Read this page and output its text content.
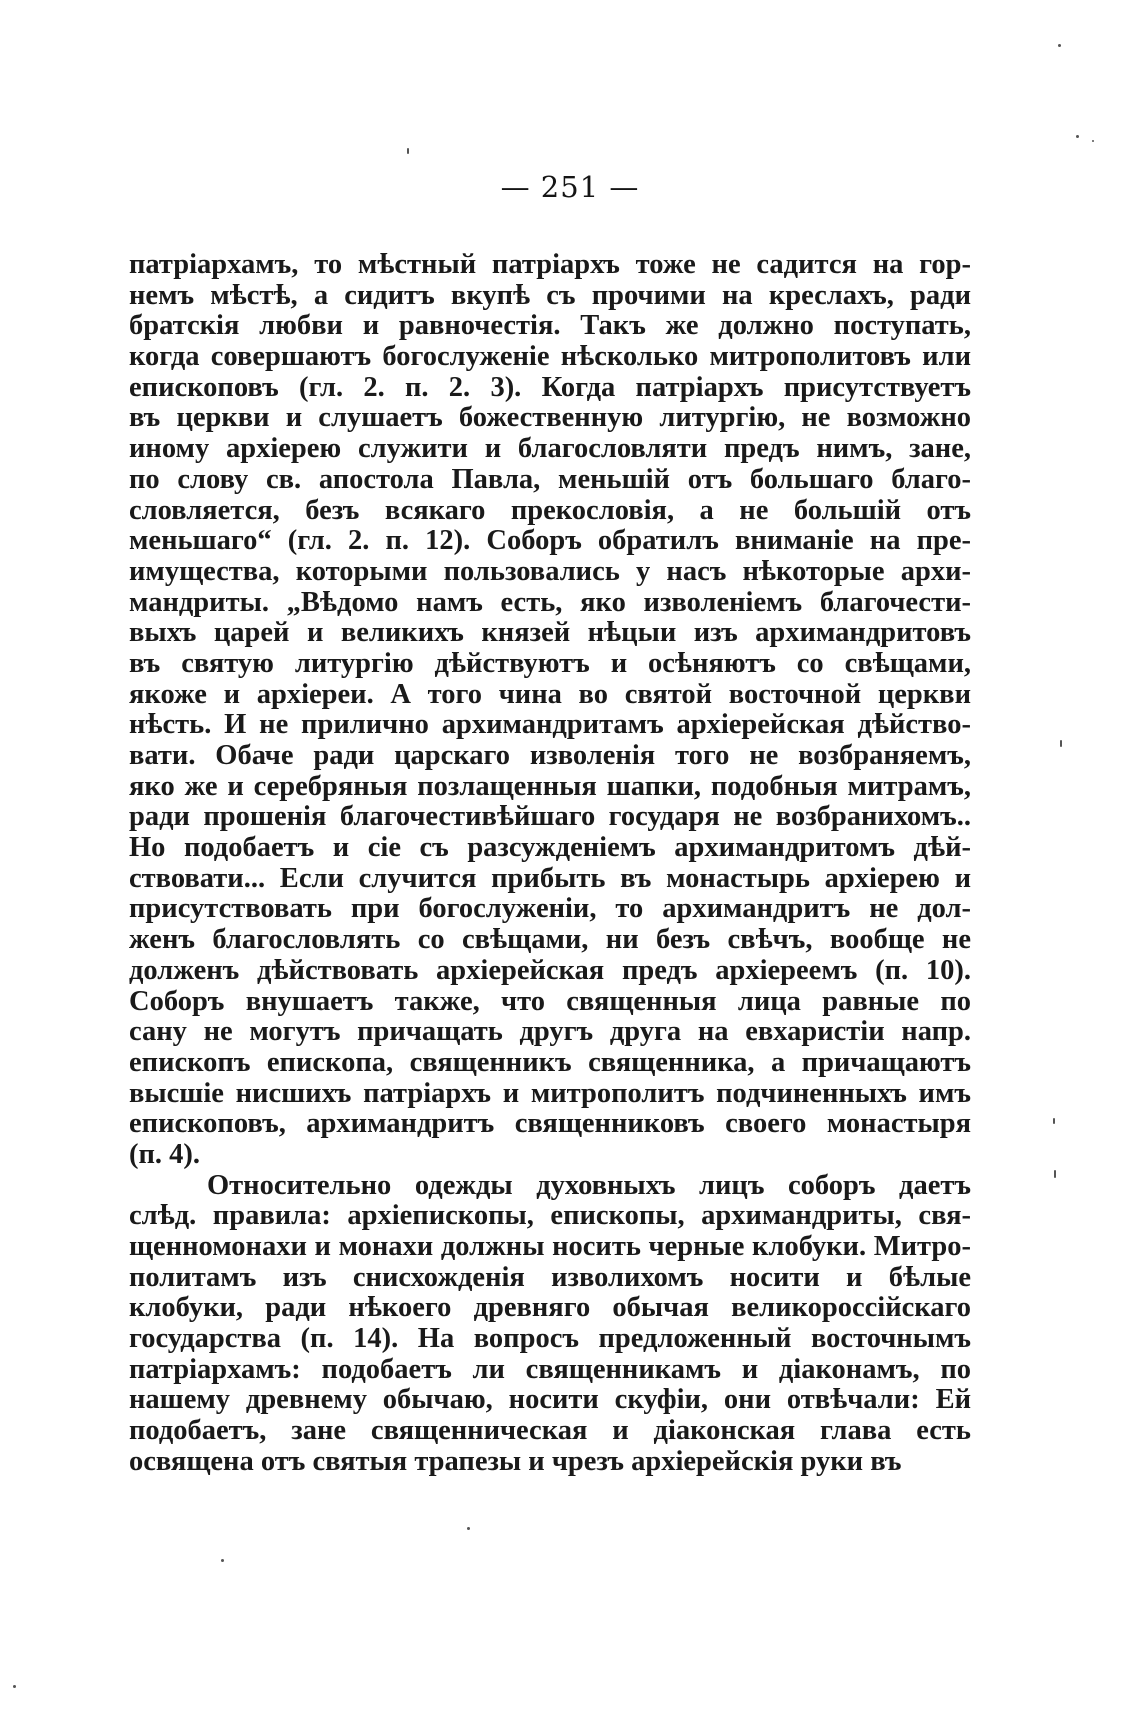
— 251 —
патріархамъ, то мѣстный патріархъ тоже не садится на гор-
немъ мѣстѣ, а сидитъ вкупѣ съ прочими на креслахъ, ради
братскія любви и равночестія. Такъ же должно поступать,
когда совершаютъ богослуженіе нѣсколько митрополитовъ или
епископовъ (гл. 2. п. 2. 3). Когда патріархъ присутствуетъ
въ церкви и слушаетъ божественную литургію, не возможно
иному архіерею служити и благословляти предъ нимъ, зане,
по слову св. апостола Павла, меньшій отъ большаго благо-
словляется, безъ всякаго прекословія, а не большій отъ
меньшаго“ (гл. 2. п. 12). Соборъ обратилъ вниманіе на пре-
имущества, которыми пользовались у насъ нѣкоторые архи-
мандриты. „Вѣдомо намъ есть, яко изволеніемъ благочести-
выхъ царей и великихъ князей нѣцыи изъ архимандритовъ
въ святую литургію дѣйствуютъ и осѣняютъ со свѣщами,
якоже и архіереи. А того чина во святой восточной церкви
нѣсть. И не прилично архимандритамъ архіерейская дѣйство-
вати. Обаче ради царскаго изволенія того не возбраняемъ,
яко же и серебряныя позлащенныя шапки, подобныя митрамъ,
ради прошенія благочестивѣйшаго государя не возбранихомъ..
Но подобаетъ и сіе съ разсужденіемъ архимандритомъ дѣй-
ствовати... Если случится прибыть въ монастырь архіерею и
присутствовать при богослуженіи, то архимандритъ не дол-
женъ благословлять со свѣщами, ни безъ свѣчъ, вообще не
долженъ дѣйствовать архіерейская предъ архіереемъ (п. 10).
Соборъ внушаетъ также, что священныя лица равные по
сану не могутъ причащать другъ друга на евхаристіи напр.
епископъ епископа, священникъ священника, а причащаютъ
высшіе нисшихъ патріархъ и митрополитъ подчиненныхъ имъ
епископовъ, архимандритъ священниковъ своего монастыря
(п. 4).
Относительно одежды духовныхъ лицъ соборъ даетъ
слѣд. правила: архіепископы, епископы, архимандриты, свя-
щенномонахи и монахи должны носить черные клобуки. Митро-
политамъ изъ снисхожденія изволихомъ носити и бѣлые
клобуки, ради нѣкоего древняго обычая великороссійскаго
государства (п. 14). На вопросъ предложенный восточнымъ
патріархамъ: подобаетъ ли священникамъ и діаконамъ, по
нашему древнему обычаю, носити скуфіи, они отвѣчали: Ей
подобаетъ, зане священническая и діаконская глава есть
освящена отъ святыя трапезы и чрезъ архіерейскія руки въ
